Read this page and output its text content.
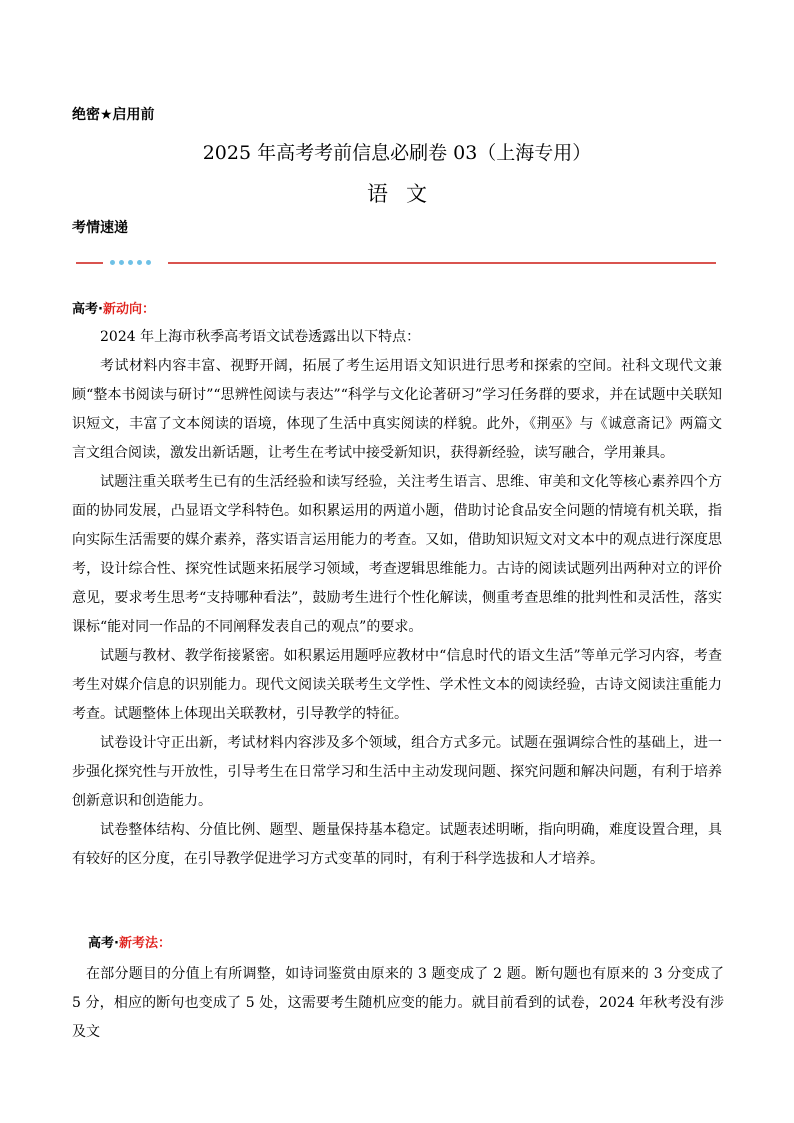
绝密★启用前
2025 年高考考前信息必刷卷 03（上海专用）
语文
考情速递
高考·新动向：

2024 年上海市秋季高考语文试卷透露出以下特点：

考试材料内容丰富、视野开阔，拓展了考生运用语文知识进行思考和探索的空间。社科文现代文兼顾“整本书阅读与研讨”“思辨性阅读与表达”“科学与文化论著研习”学习任务群的要求，并在试题中关联知识短文，丰富了文本阅读的语境，体现了生活中真实阅读的样貌。此外，《荆巫》与《诚意斋记》两篇文言文组合阅读，激发出新话题，让考生在考试中接受新知识，获得新经验，读写融合，学用兼具。

试题注重关联考生已有的生活经验和读写经验，关注考生语言、思维、审美和文化等核心素养四个方面的协同发展，凸显语文学科特色。如积累运用的两道小题，借助讨论食品安全问题的情境有机关联，指向实际生活需要的媒介素养，落实语言运用能力的考查。又如，借助知识短文对文本中的观点进行深度思考，设计综合性、探究性试题来拓展学习领域，考查逻辑思维能力。古诗的阅读试题列出两种对立的评价意见，要求考生思考“支持哪种看法”，鼓励考生进行个性化解读，侧重考查思维的批判性和灵活性，落实课标“能对同一作品的不同阐释发表自己的观点”的要求。

试题与教材、教学衔接紧密。如积累运用题呼应教材中“信息时代的语文生活”等单元学习内容，考查考生对媒介信息的识别能力。现代文阅读关联考生文学性、学术性文本的阅读经验，古诗文阅读注重能力考查。试题整体上体现出关联教材，引导教学的特征。

试卷设计守正出新，考试材料内容涉及多个领域，组合方式多元。试题在强调综合性的基础上，进一步强化探究性与开放性，引导考生在日常学习和生活中主动发现问题、探究问题和解决问题，有利于培养创新意识和创造能力。

试卷整体结构、分值比例、题型、题量保持基本稳定。试题表述明晰，指向明确，难度设置合理，具有较好的区分度，在引导教学促进学习方式变革的同时，有利于科学选拔和人才培养。

高考·新考法：

在部分题目的分值上有所调整，如诗词鉴赏由原来的 3 题变成了 2 题。断句题也有原来的 3 分变成了 5 分，相应的断句也变成了 5 处，这需要考生随机应变的能力。就目前看到的试卷，2024 年秋考没有涉及文
